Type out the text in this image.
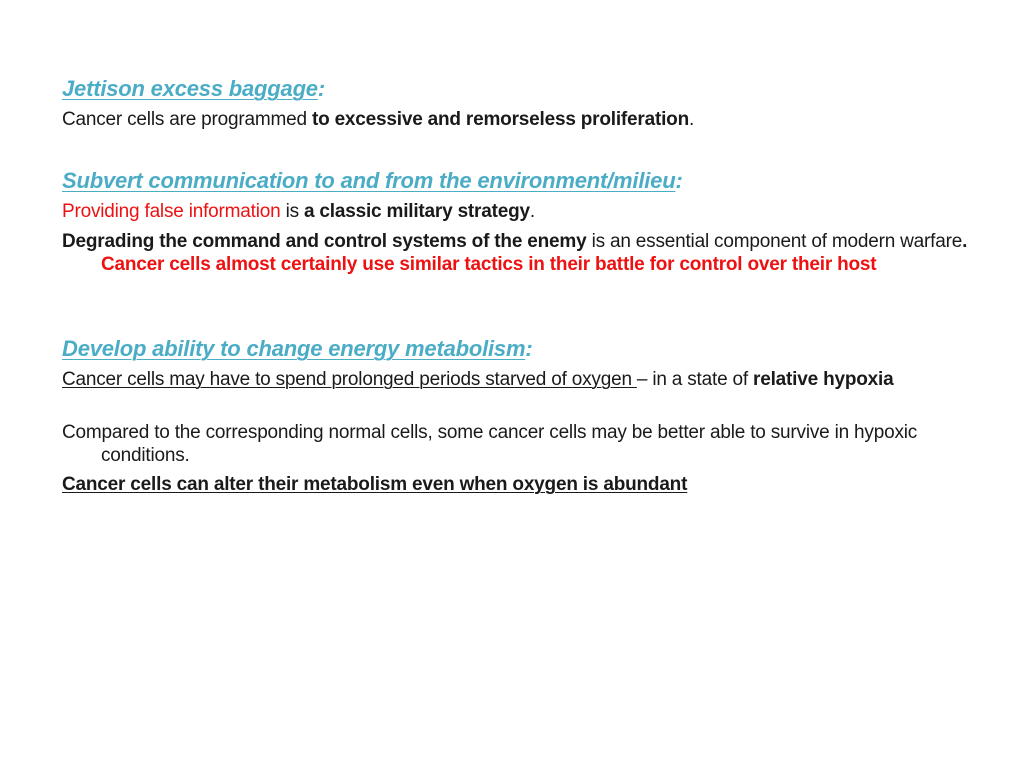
Jettison excess baggage:
Cancer cells are programmed to excessive and remorseless proliferation.
Subvert communication to and from the environment/milieu:
Providing false information is a classic military strategy.
Degrading the command and control systems of the enemy is an essential component of modern warfare. Cancer cells almost certainly use similar tactics in their battle for control over their host
Develop ability to change energy metabolism:
Cancer cells may have to spend prolonged periods starved of oxygen – in a state of relative hypoxia
Compared to the corresponding normal cells, some cancer cells may be better able to survive in hypoxic conditions.
Cancer cells can alter their metabolism even when oxygen is abundant
